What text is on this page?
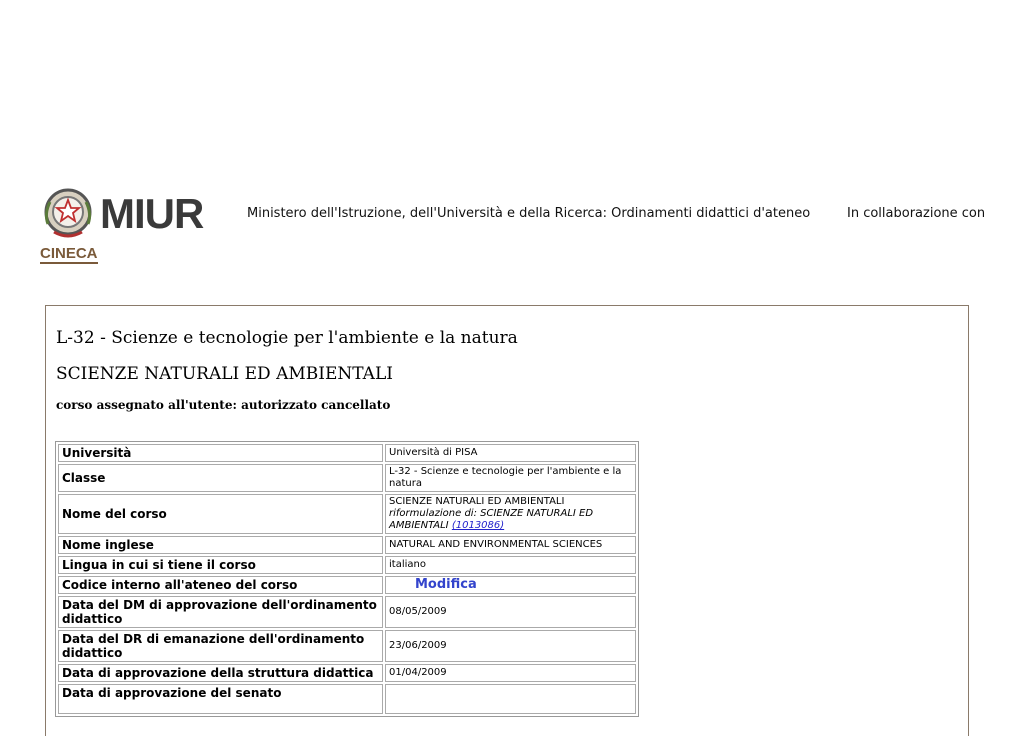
MIUR
CINECA
Ministero dell'Istruzione, dell'Università e della Ricerca: Ordinamenti didattici d'ateneo	In collaborazione con
L-32 - Scienze e tecnologie per l'ambiente e la natura
SCIENZE NATURALI ED AMBIENTALI
corso assegnato all'utente: autorizzato cancellato
Università	Università di PISA
Classe	L-32 - Scienze e tecnologie per l'ambiente e la natura
Nome del corso	SCIENZE NATURALI ED AMBIENTALI
riformulazione di: SCIENZE NATURALI ED AMBIENTALI (1013086)

Nome inglese	NATURAL AND ENVIRONMENTAL SCIENCES
Lingua in cui si tiene il corso	italiano
Codice interno all'ateneo del corso	Modifica
Data del DM di approvazione dell'ordinamento didattico	08/05/2009
Data del DR di emanazione dell'ordinamento didattico	23/06/2009
Data di approvazione della struttura didattica	01/04/2009
Data di approvazione del senato	
